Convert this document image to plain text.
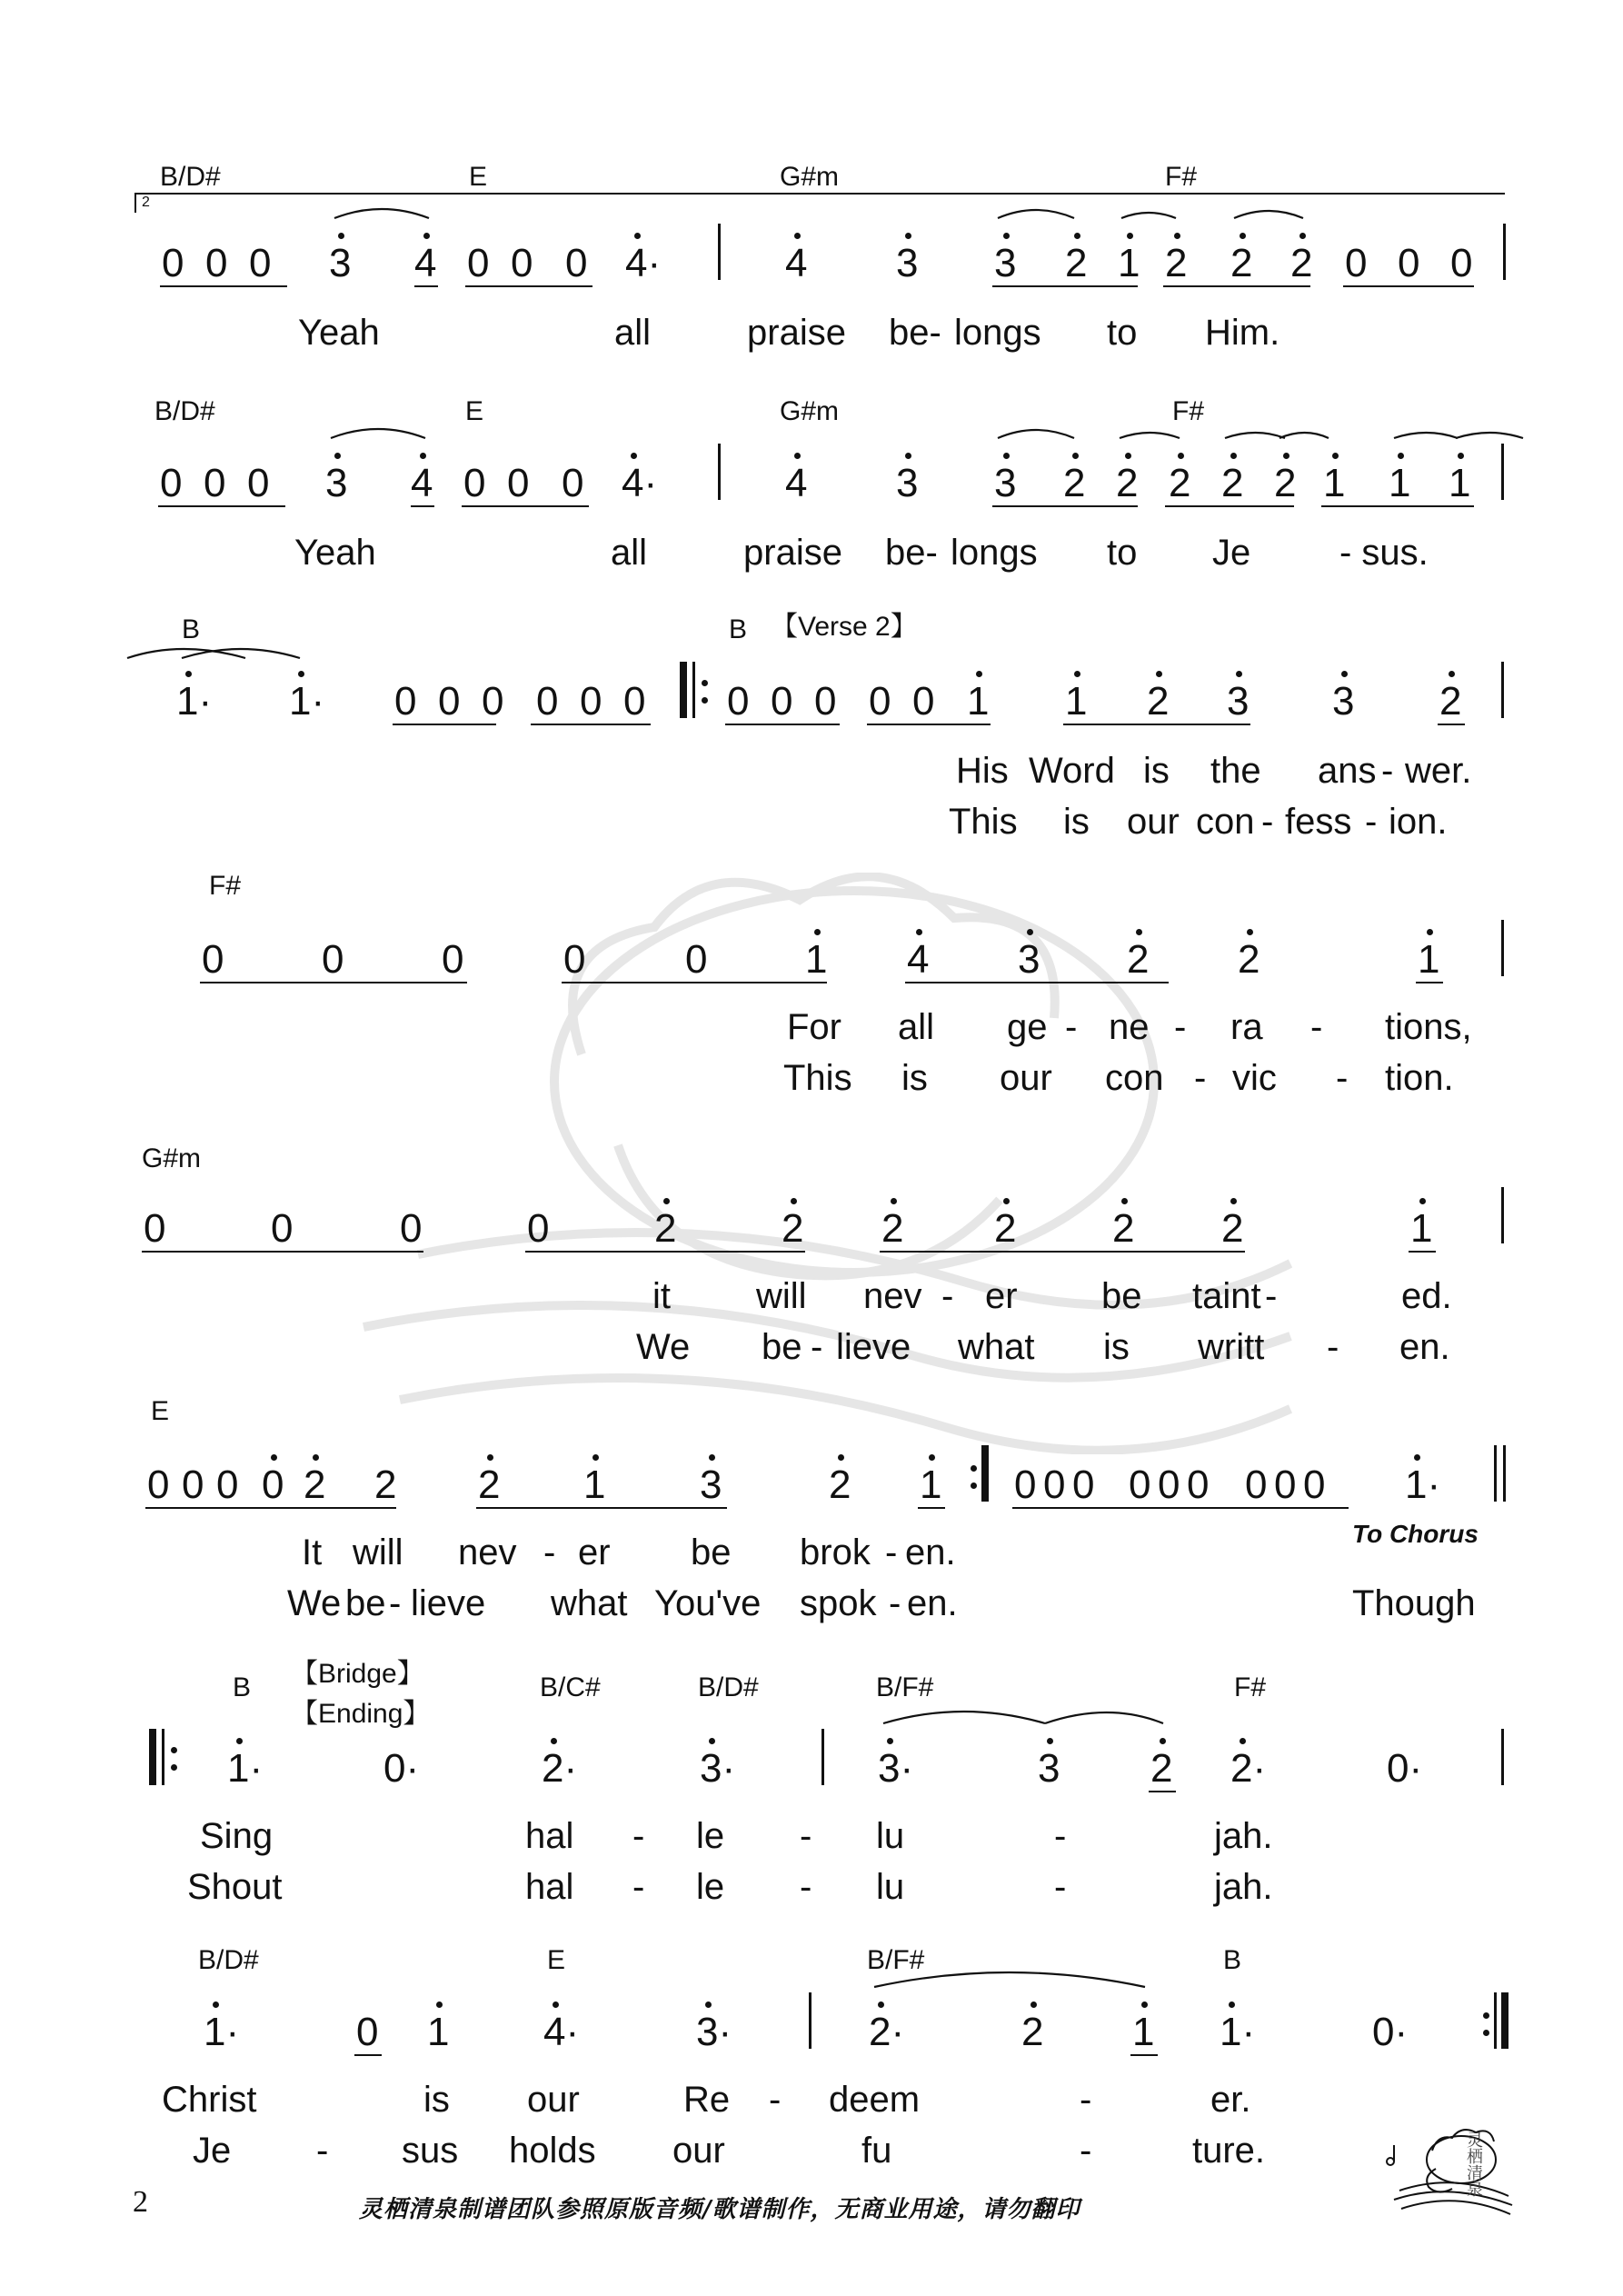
B/D#	E	G#m	F#
2
0 0 0 3 4 0 0 0 4·	4 3 3 2 1 2 2 2 0 0 0
Yeah	all	praise be- longs to Him.
B/D#	E	G#m	F#
0 0 0 3 4 0 0 0 4·	4 3 3 2 2 2 2 2 1 1 1
Yeah	all	praise be- longs to Je - sus.
B	B 【Verse 2】
1· 1· 0 0 0 0 0 0 0 0 0 0 0 1 1 2 3 3 2
His Word is the ans - wer.
This is our con - fess - ion.
F#
0 0 0 0 0 1 4 3 2 2	1
For all ge - ne - ra - tions,
This is our con - vic - tion.
G#m
0	0	0	0	2	2 2 2 2 2	1
it will nev - er be taint -	ed.
We be - lieve what is writt - en.
E
0 0 0 0 2 2 2 1 3	2 1 0 0 0 0 0 0 0 0 0 1·
It will nev - er be brok - en.	To Chorus
We be - lieve what You've spok - en.	Though
B 【Bridge】
【Ending】
B/C#	B/D#	B/F#	F#
1·	0·	2·	3·	3·	3 2 2·	0·
Sing	hal - le - lu	-	jah.
Shout	hal - le - lu	-	jah.
B/D#	E	B/F#	B
1·	0 1 4·	3·	2·	2 1 1·	0·
Christ	is our	Re - deem	-	er.
Je - sus holds our	fu	-	ture.
2	灵栖清泉制谱团队参照原版音频/歌谱制作，无商业用途，请勿翻印
灵栖清泉
